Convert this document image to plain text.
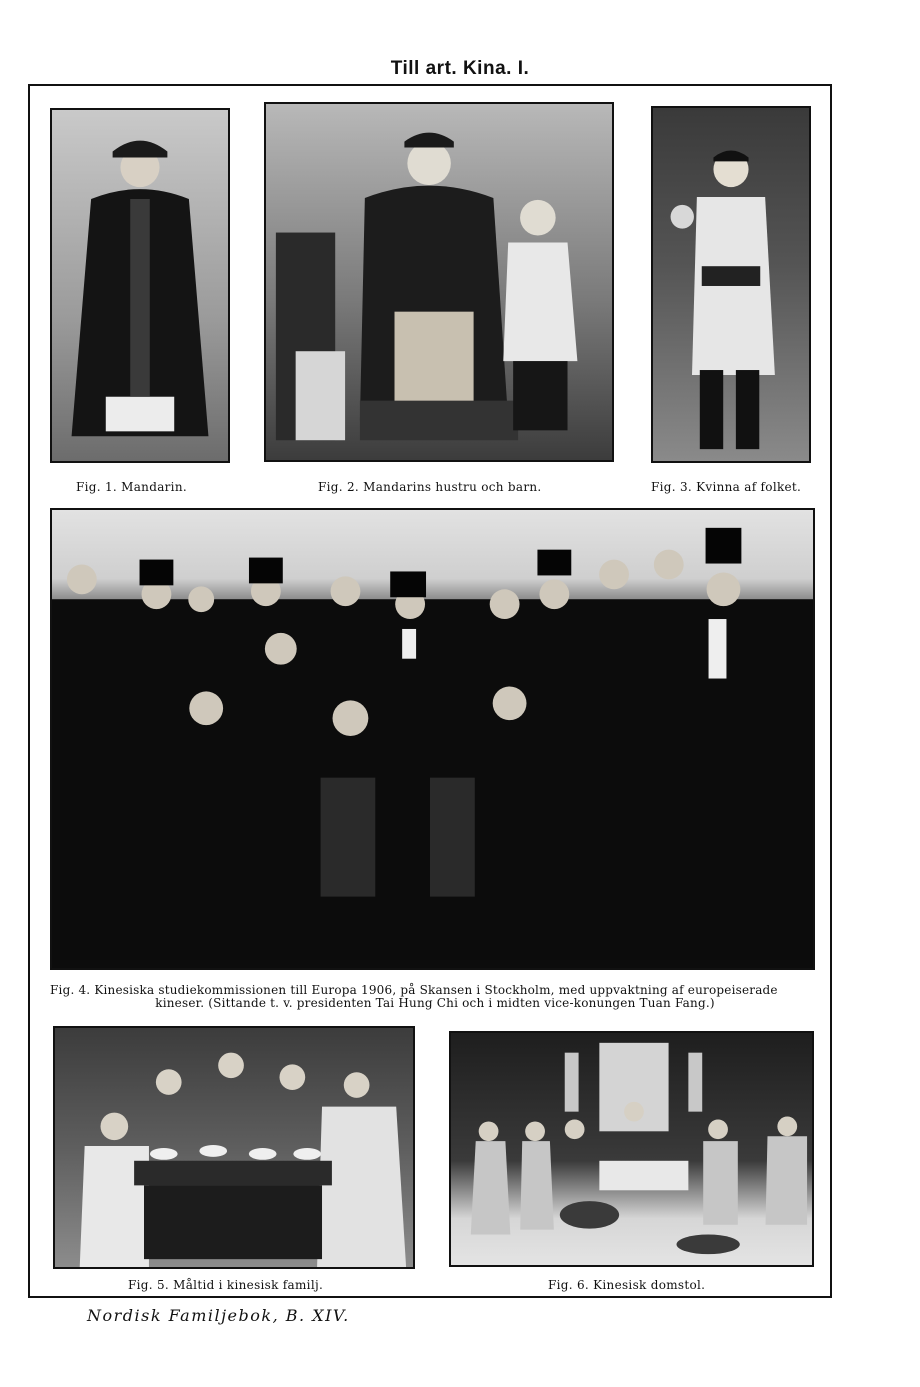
Till art. Kina. I.
Fig. 1. Mandarin.	Fig. 2. Mandarins hustru och barn.	Fig. 3. Kvinna af folket.
Fig. 4. Kinesiska studiekommissionen till Europa 1906, på Skansen i Stockholm, med uppvaktning af europeiserade
kineser. (Sittande t. v. presidenten Tai Hung Chi och i midten vice-konungen Tuan Fang.)
Fig. 5. Måltid i kinesisk familj.	Fig. 6. Kinesisk domstol.
Nordisk Familjebok, B. XIV.
